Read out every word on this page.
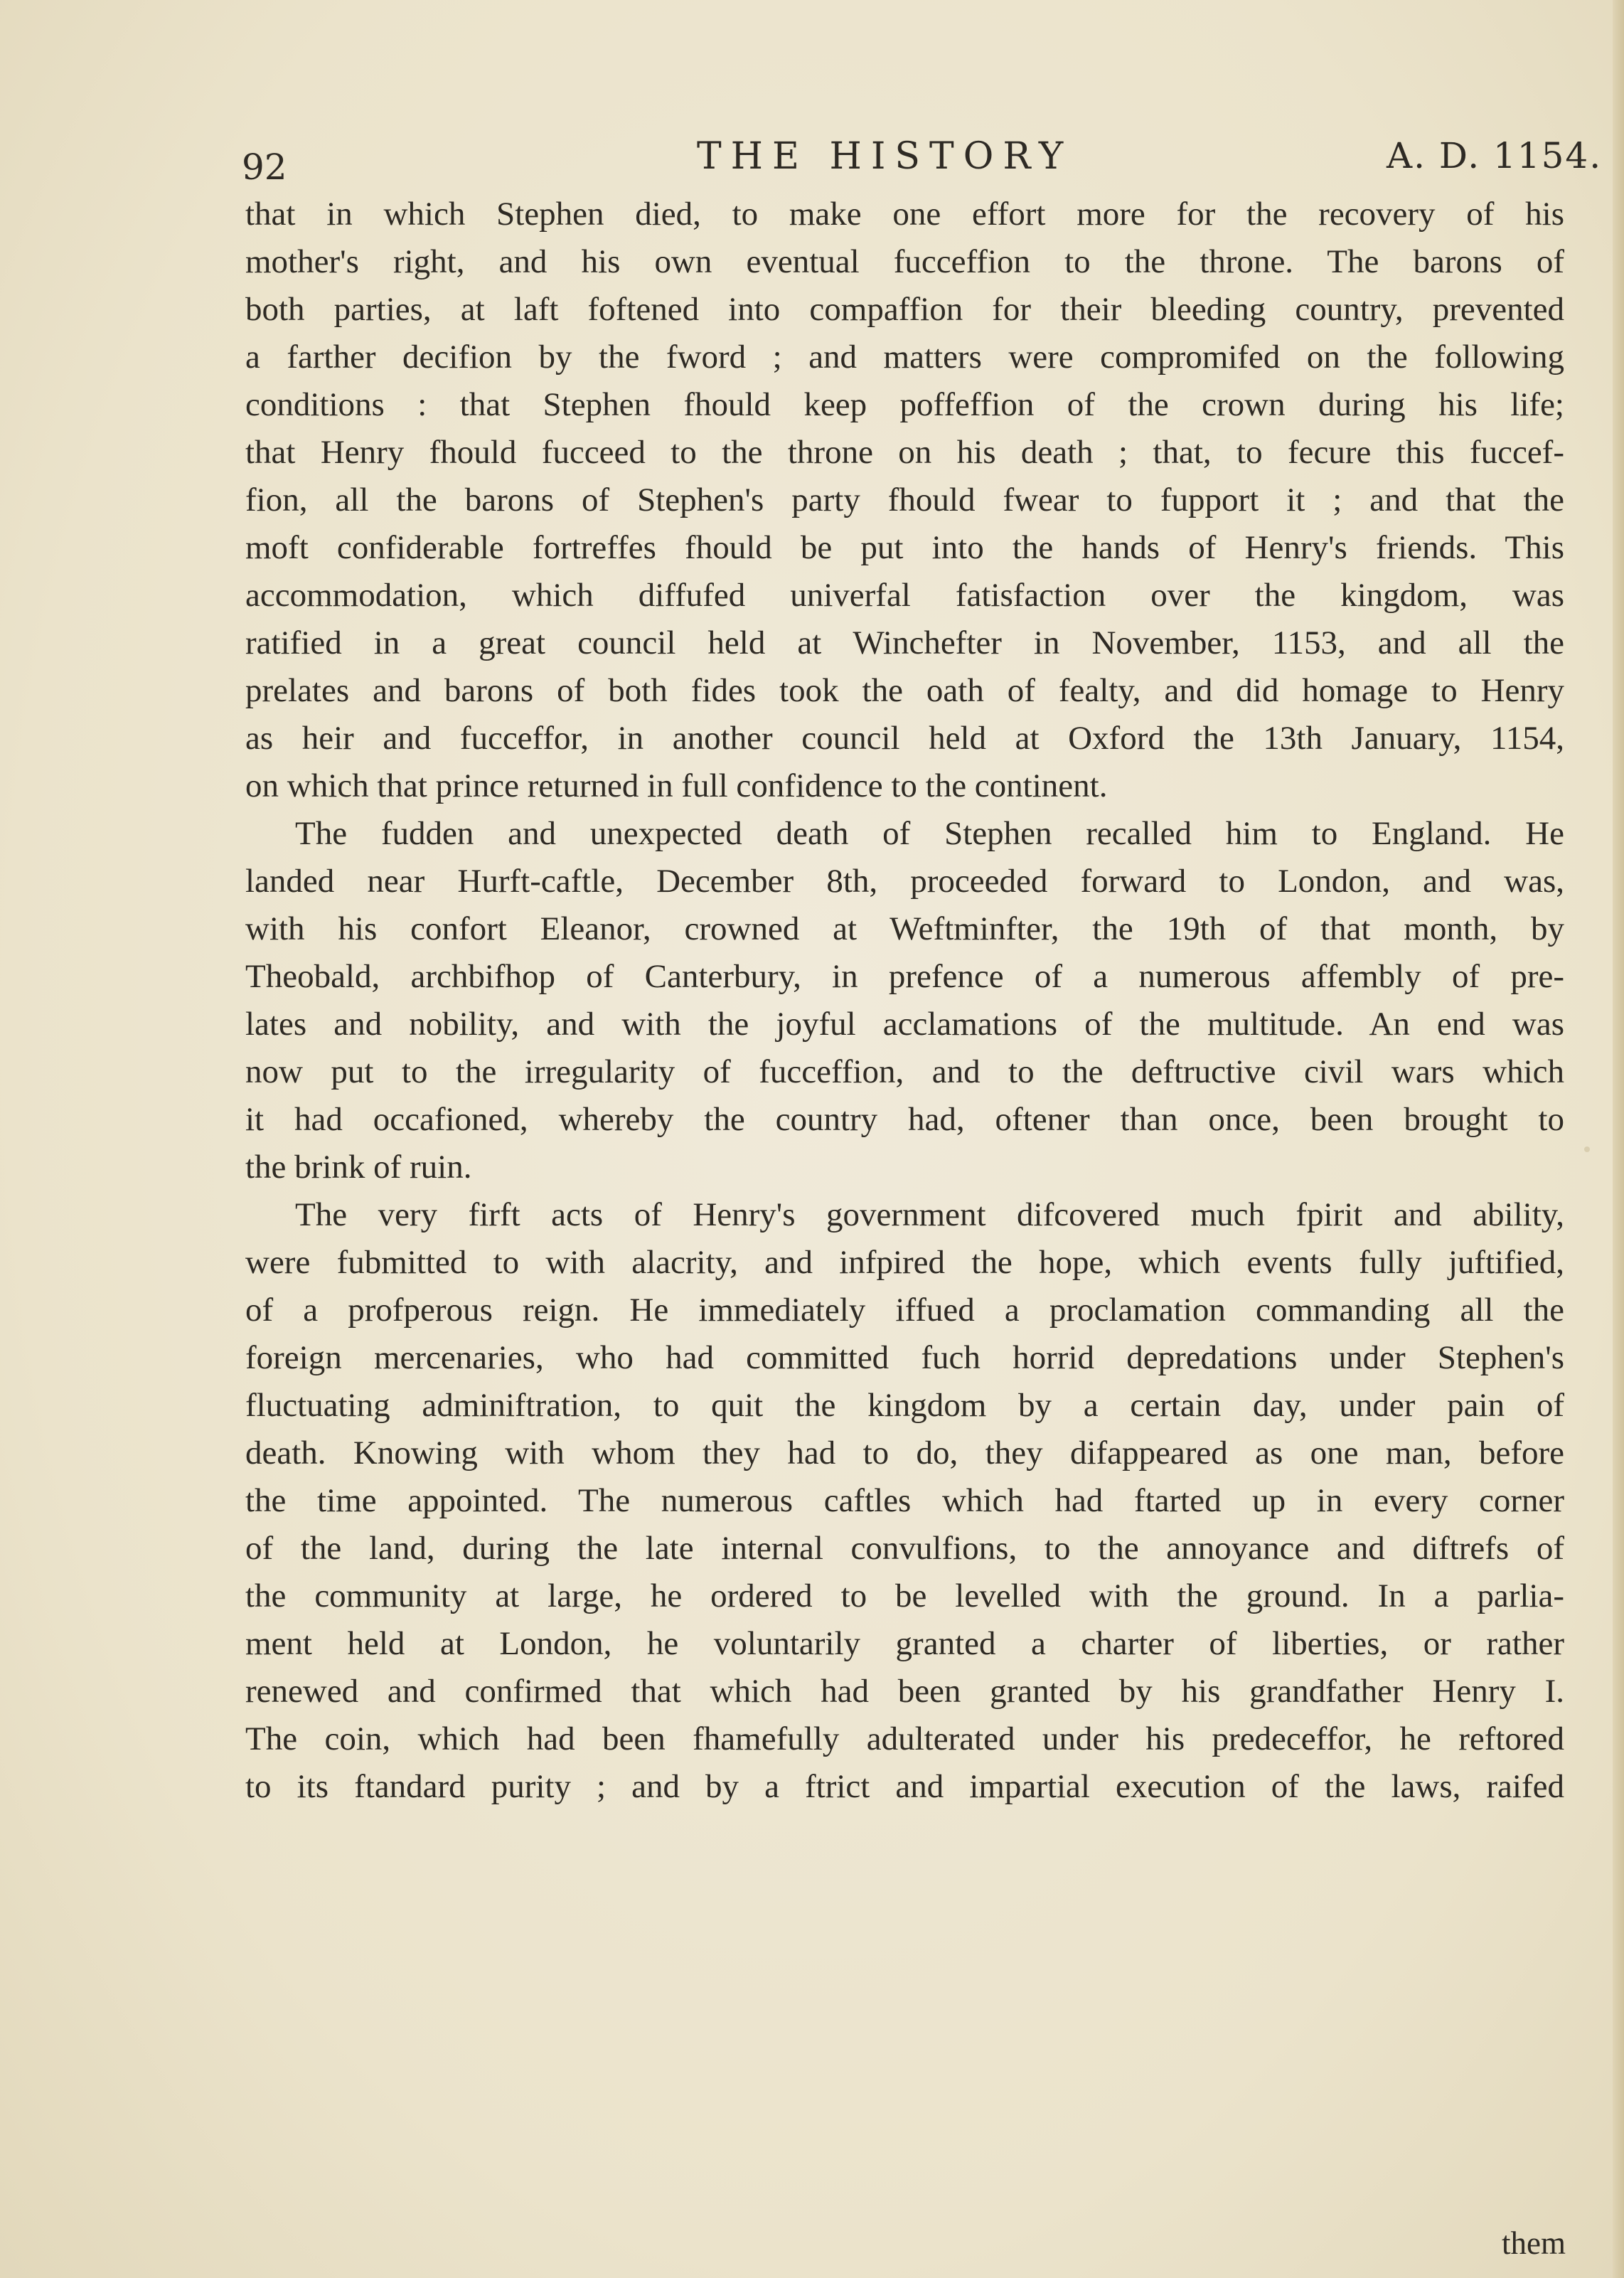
92	THE HISTORY	A. D. 1154.
that in which Stephen died, to make one effort more for the recovery of his
mother's right, and his own eventual fucceffion to the throne. The barons of
both parties, at laft foftened into compaffion for their bleeding country, prevented
a farther decifion by the fword ; and matters were compromifed on the following
conditions : that Stephen fhould keep poffeffion of the crown during his life;
that Henry fhould fucceed to the throne on his death ; that, to fecure this fuccef-
fion, all the barons of Stephen's party fhould fwear to fupport it ; and that the
moft confiderable fortreffes fhould be put into the hands of Henry's friends. This
accommodation, which diffufed univerfal fatisfaction over the kingdom, was
ratified in a great council held at Winchefter in November, 1153, and all the
prelates and barons of both fides took the oath of fealty, and did homage to Henry
as heir and fucceffor, in another council held at Oxford the 13th January, 1154,
on which that prince returned in full confidence to the continent.
The fudden and unexpected death of Stephen recalled him to England. He
landed near Hurft-caftle, December 8th, proceeded forward to London, and was,
with his confort Eleanor, crowned at Weftminfter, the 19th of that month, by
Theobald, archbifhop of Canterbury, in prefence of a numerous affembly of pre-
lates and nobility, and with the joyful acclamations of the multitude. An end was
now put to the irregularity of fucceffion, and to the deftructive civil wars which
it had occafioned, whereby the country had, oftener than once, been brought to
the brink of ruin.
The very firft acts of Henry's government difcovered much fpirit and ability,
were fubmitted to with alacrity, and infpired the hope, which events fully juftified,
of a profperous reign. He immediately iffued a proclamation commanding all the
foreign mercenaries, who had committed fuch horrid depredations under Stephen's
fluctuating adminiftration, to quit the kingdom by a certain day, under pain of
death. Knowing with whom they had to do, they difappeared as one man, before
the time appointed. The numerous caftles which had ftarted up in every corner
of the land, during the late internal convulfions, to the annoyance and diftrefs of
the community at large, he ordered to be levelled with the ground. In a parlia-
ment held at London, he voluntarily granted a charter of liberties, or rather
renewed and confirmed that which had been granted by his grandfather Henry I.
The coin, which had been fhamefully adulterated under his predeceffor, he reftored
to its ftandard purity ; and by a ftrict and impartial execution of the laws, raifed
them
